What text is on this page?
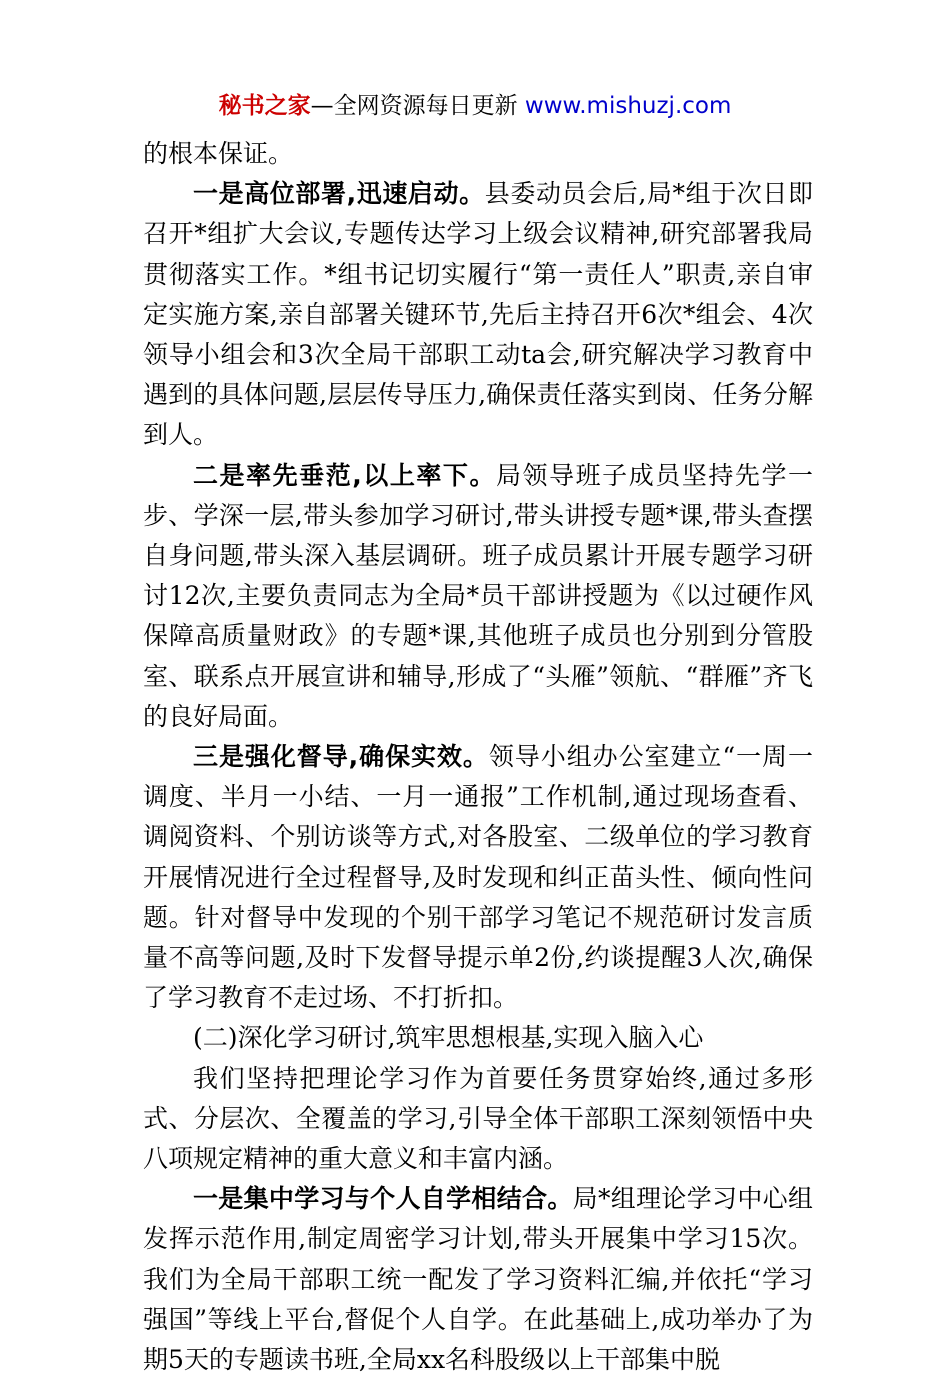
秘书之家—全网资源每日更新 www.mishuzj.com

的根本保证。

一是高位部署,迅速启动。县委动员会后,局*组于次日即召开*组扩大会议,专题传达学习上级会议精神,研究部署我局贯彻落实工作。*组书记切实履行“第一责任人”职责,亲自审定实施方案,亲自部署关键环节,先后主持召开6次*组会、4次领导小组会和3次全局干部职工动ta会,研究解决学习教育中遇到的具体问题,层层传导压力,确保责任落实到岗、任务分解到人。

二是率先垂范,以上率下。局领导班子成员坚持先学一步、学深一层,带头参加学习研讨,带头讲授专题*课,带头查摆自身问题,带头深入基层调研。班子成员累计开展专题学习研讨12次,主要负责同志为全局*员干部讲授题为《以过硬作风保障高质量财政》的专题*课,其他班子成员也分别到分管股室、联系点开展宣讲和辅导,形成了“头雁”领航、“群雁”齐飞的良好局面。

三是强化督导,确保实效。领导小组办公室建立“一周一调度、半月一小结、一月一通报”工作机制,通过现场查看、调阅资料、个别访谈等方式,对各股室、二级单位的学习教育开展情况进行全过程督导,及时发现和纠正苗头性、倾向性问题。针对督导中发现的个别干部学习笔记不规范研讨发言质量不高等问题,及时下发督导提示单2份,约谈提醒3人次,确保了学习教育不走过场、不打折扣。

(二)深化学习研讨,筑牢思想根基,实现入脑入心

我们坚持把理论学习作为首要任务贯穿始终,通过多形式、分层次、全覆盖的学习,引导全体干部职工深刻领悟中央八项规定精神的重大意义和丰富内涵。

一是集中学习与个人自学相结合。局*组理论学习中心组发挥示范作用,制定周密学习计划,带头开展集中学习15次。我们为全局干部职工统一配发了学习资料汇编,并依托“学习强国”等线上平台,督促个人自学。在此基础上,成功举办了为期5天的专题读书班,全局xx名科股级以上干部集中脱
